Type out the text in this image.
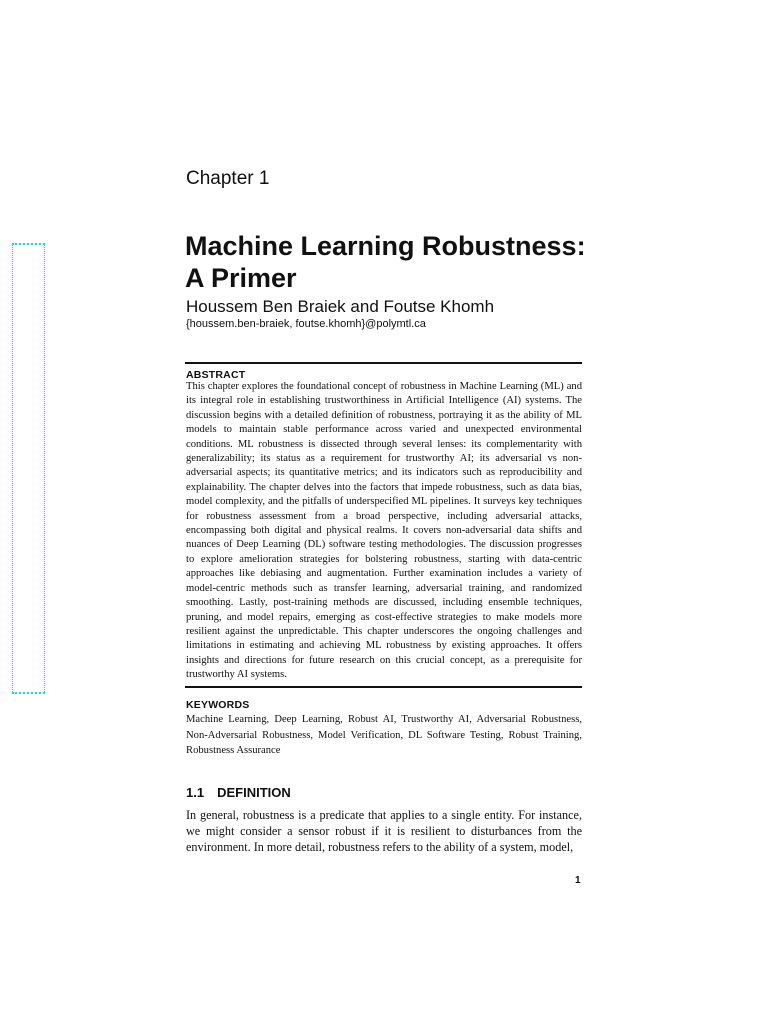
Chapter 1
Machine Learning Robustness:
A Primer
Houssem Ben Braiek and Foutse Khomh
{houssem.ben-braiek, foutse.khomh}@polymtl.ca
ABSTRACT

This chapter explores the foundational concept of robustness in Machine Learning (ML) and its integral role in establishing trustworthiness in Artificial Intelligence (AI) systems. The discussion begins with a detailed definition of robustness, portraying it as the ability of ML models to maintain stable performance across varied and unexpected environmental conditions. ML robustness is dissected through several lenses: its complementarity with generalizability; its status as a requirement for trustworthy AI; its adversarial vs non-adversarial aspects; its quantitative metrics; and its indicators such as reproducibility and explainability. The chapter delves into the factors that impede robustness, such as data bias, model complexity, and the pitfalls of underspecified ML pipelines. It surveys key techniques for robustness assessment from a broad perspective, including adversarial attacks, encompassing both digital and physical realms. It covers non-adversarial data shifts and nuances of Deep Learning (DL) software testing methodologies. The discussion progresses to explore amelioration strategies for bolstering robustness, starting with data-centric approaches like debiasing and augmentation. Further examination includes a variety of model-centric methods such as transfer learning, adversarial training, and randomized smoothing. Lastly, post-training methods are discussed, including ensemble techniques, pruning, and model repairs, emerging as cost-effective strategies to make models more resilient against the unpredictable. This chapter underscores the ongoing challenges and limitations in estimating and achieving ML robustness by existing approaches. It offers insights and directions for future research on this crucial concept, as a prerequisite for trustworthy AI systems.

KEYWORDS

Machine Learning, Deep Learning, Robust AI, Trustworthy AI, Adversarial Robustness, Non-Adversarial Robustness, Model Verification, DL Software Testing, Robust Training, Robustness Assurance

1.1 DEFINITION

In general, robustness is a predicate that applies to a single entity. For instance, we might consider a sensor robust if it is resilient to disturbances from the environment. In more detail, robustness refers to the ability of a system, model,

1
